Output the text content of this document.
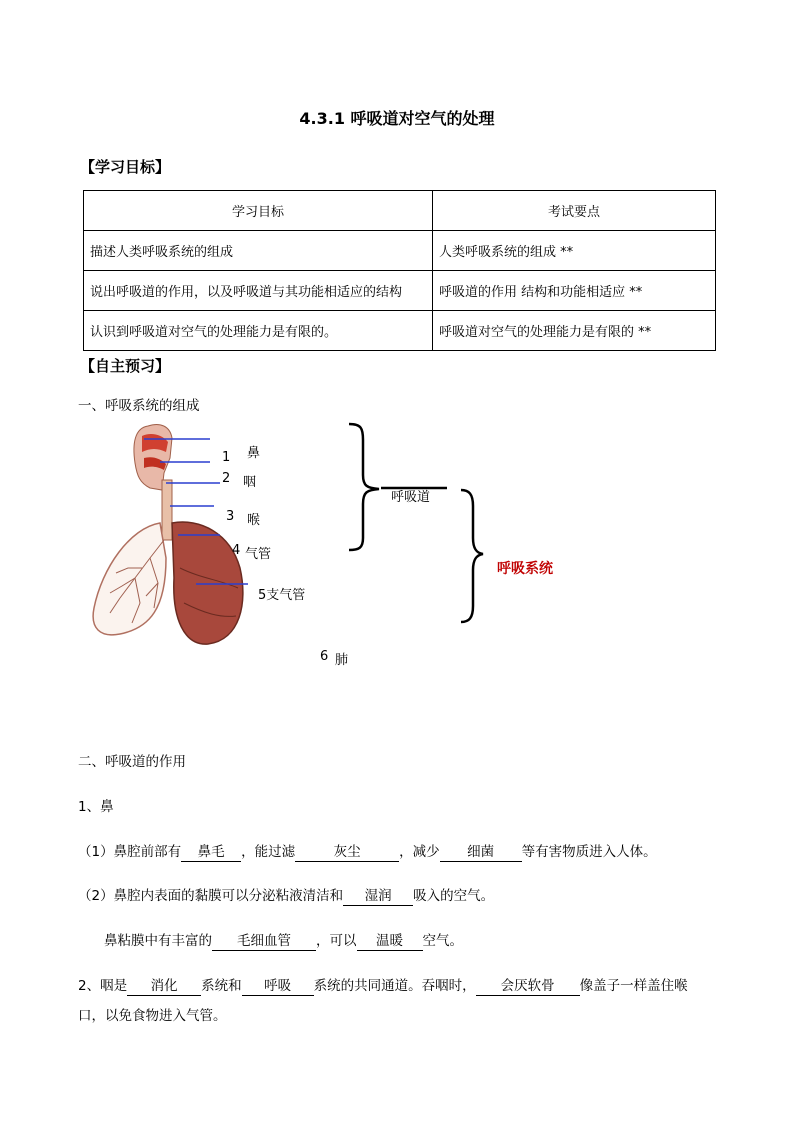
4.3.1 呼吸道对空气的处理
【学习目标】
学习目标	考试要点
描述人类呼吸系统的组成	人类呼吸系统的组成 **
说出呼吸道的作用，以及呼吸道与其功能相适应的结构	呼吸道的作用 结构和功能相适应 **
认识到呼吸道对空气的处理能力是有限的。	呼吸道对空气的处理能力是有限的 **
【自主预习】
一、呼吸系统的组成
1 鼻
2 咽
3 喉
4 气管
5支气管
6 肺
呼吸道
呼吸系统
二、呼吸道的作用
1、鼻
（1）鼻腔前部有 鼻毛 ，能过滤	灰尘	，减少 细菌 等有害物质进入人体。
（2）鼻腔内表面的黏膜可以分泌粘液清洁和 湿润 吸入的空气。
鼻粘膜中有丰富的 毛细血管 ，可以 温暖 空气。
2、咽是 消化 系统和 呼吸 系统的共同通道。吞咽时， 会厌软骨 像盖子一样盖住喉
口，以免食物进入气管。
